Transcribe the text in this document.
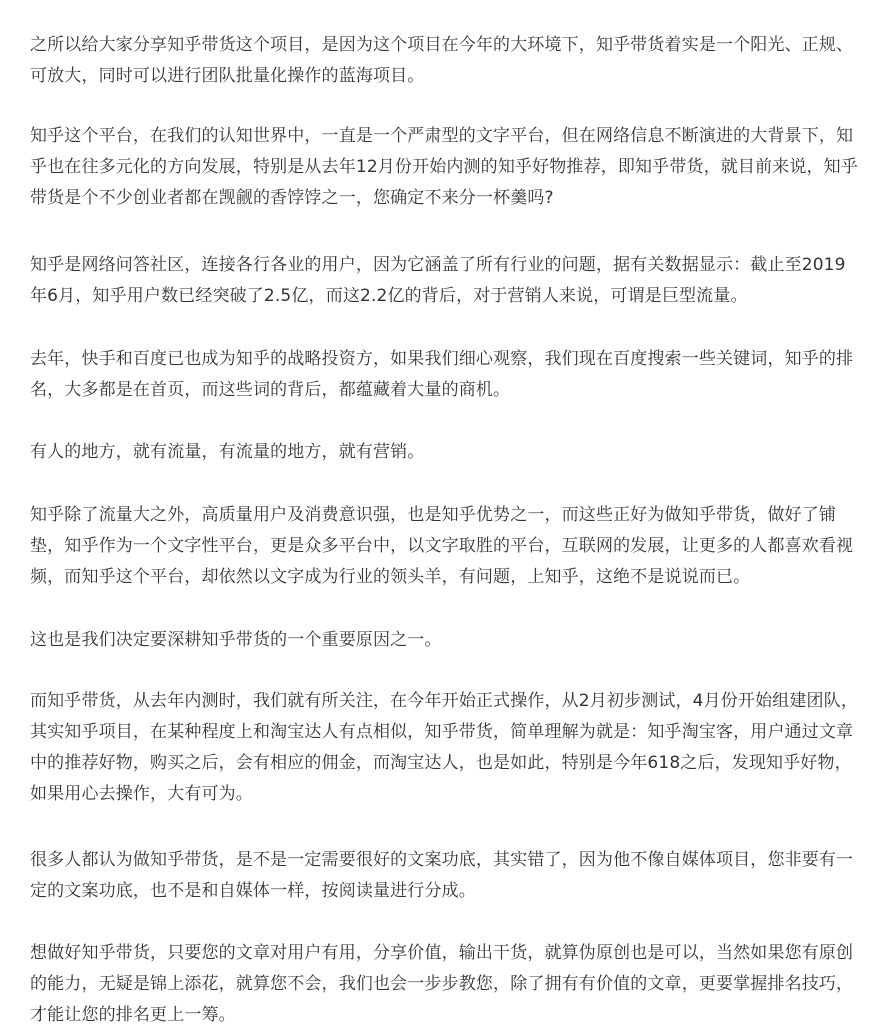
之所以给大家分享知乎带货这个项目，是因为这个项目在今年的大环境下，知乎带货着实是一个阳光、正规、可放大，同时可以进行团队批量化操作的蓝海项目。

知乎这个平台，在我们的认知世界中，一直是一个严肃型的文字平台，但在网络信息不断演进的大背景下，知乎也在往多元化的方向发展，特别是从去年12月份开始内测的知乎好物推荐，即知乎带货，就目前来说，知乎带货是个不少创业者都在觊觎的香饽饽之一，您确定不来分一杯羹吗?

知乎是网络问答社区，连接各行各业的用户，因为它涵盖了所有行业的问题，据有关数据显示：截止至2019年6月，知乎用户数已经突破了2.5亿，而这2.2亿的背后，对于营销人来说，可谓是巨型流量。

去年，快手和百度已也成为知乎的战略投资方，如果我们细心观察，我们现在百度搜索一些关键词，知乎的排名，大多都是在首页，而这些词的背后，都蕴藏着大量的商机。

有人的地方，就有流量，有流量的地方，就有营销。

知乎除了流量大之外，高质量用户及消费意识强，也是知乎优势之一，而这些正好为做知乎带货，做好了铺垫，知乎作为一个文字性平台，更是众多平台中，以文字取胜的平台，互联网的发展，让更多的人都喜欢看视频，而知乎这个平台，却依然以文字成为行业的领头羊，有问题，上知乎，这绝不是说说而已。

这也是我们决定要深耕知乎带货的一个重要原因之一。

而知乎带货，从去年内测时，我们就有所关注，在今年开始正式操作，从2月初步测试，4月份开始组建团队，其实知乎项目，在某种程度上和淘宝达人有点相似，知乎带货，简单理解为就是：知乎淘宝客，用户通过文章中的推荐好物，购买之后，会有相应的佣金，而淘宝达人，也是如此，特别是今年618之后，发现知乎好物，如果用心去操作，大有可为。

很多人都认为做知乎带货，是不是一定需要很好的文案功底，其实错了，因为他不像自媒体项目，您非要有一定的文案功底，也不是和自媒体一样，按阅读量进行分成。

想做好知乎带货，只要您的文章对用户有用，分享价值，输出干货，就算伪原创也是可以，当然如果您有原创的能力，无疑是锦上添花，就算您不会，我们也会一步步教您，除了拥有有价值的文章，更要掌握排名技巧，才能让您的排名更上一筹。
